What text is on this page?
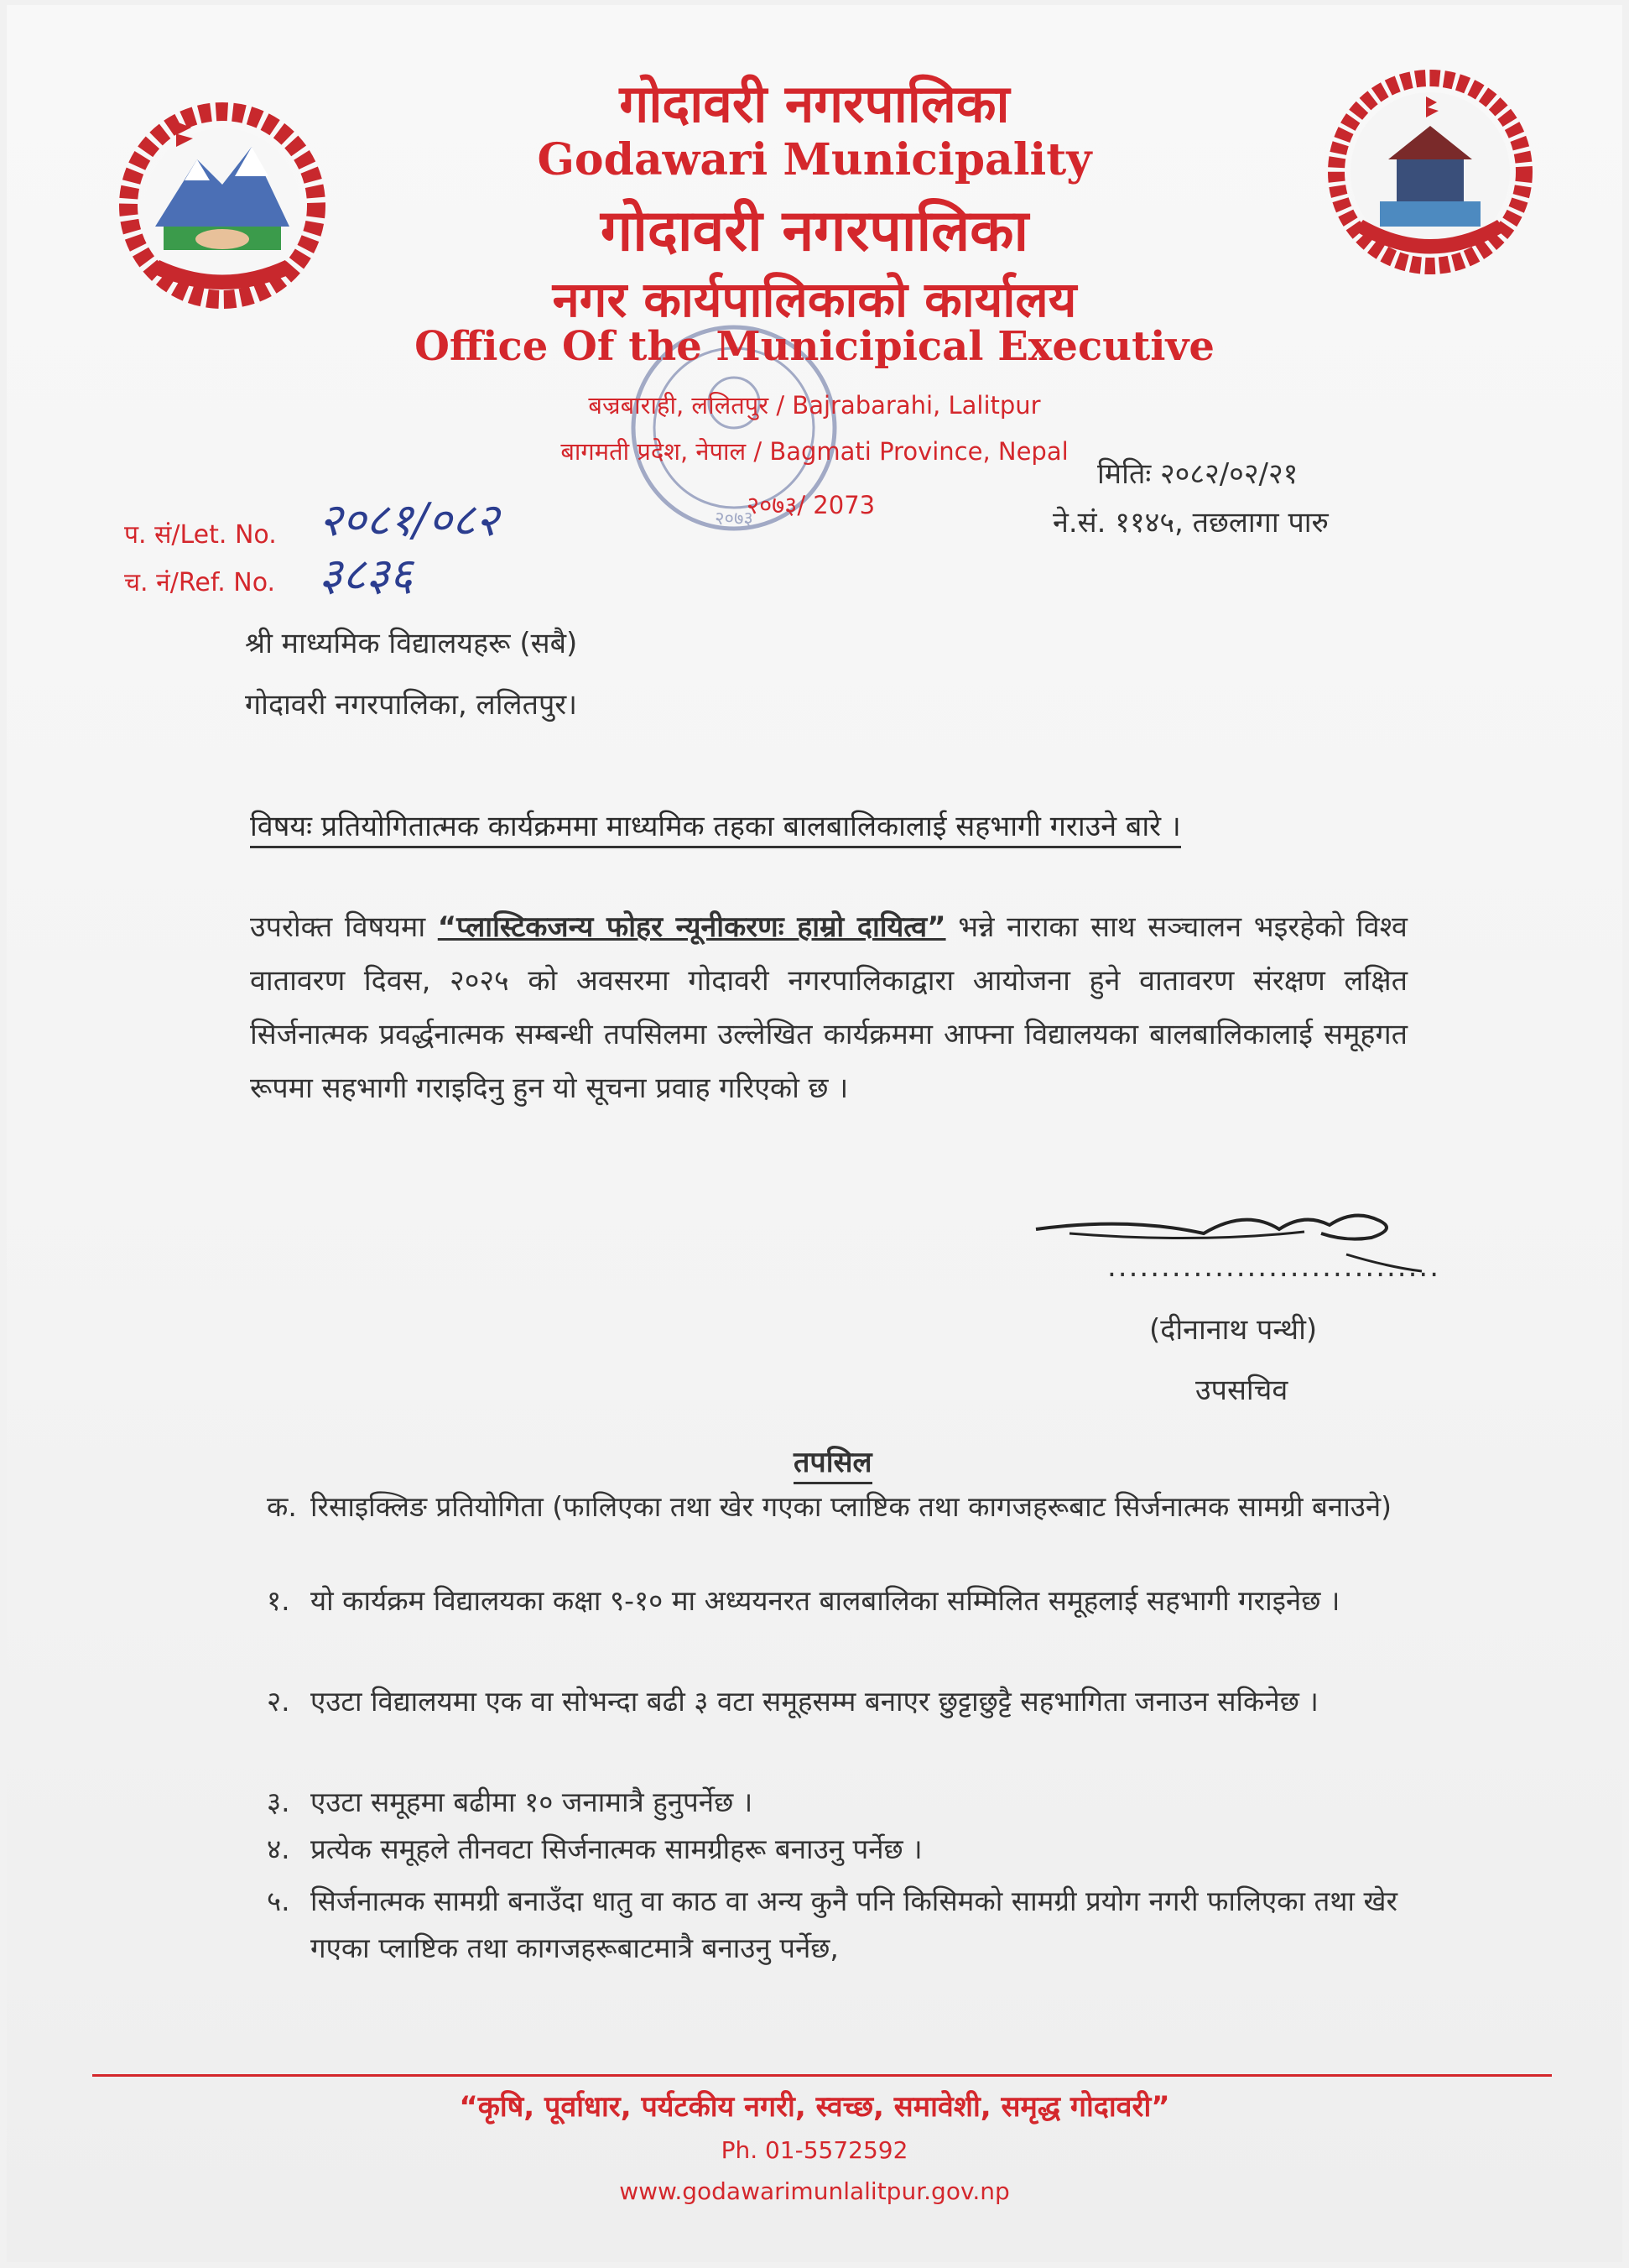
२०७३
गोदावरी नगरपालिका
Godawari Municipality
गोदावरी नगरपालिका
नगर कार्यपालिकाको कार्यालय
Office Of the Municipical Executive
बज्रबाराही, ललितपुर / Bajrabarahi, Lalitpur
बागमती प्रदेश, नेपाल / Bagmati Province, Nepal
२०७३/ 2073
प. सं/Let. No. २०८१/०८२
च. नं/Ref. No. ३८३६
मितिः २०८२/०२/२१
ने.सं. ११४५, तछलागा पारु
श्री माध्यमिक विद्यालयहरू (सबै)
गोदावरी नगरपालिका, ललितपुर।
विषयः प्रतियोगितात्मक कार्यक्रममा माध्यमिक तहका बालबालिकालाई सहभागी गराउने बारे ।
उपरोक्त विषयमा “प्लास्टिकजन्य फोहर न्यूनीकरणः हाम्रो दायित्व” भन्ने नाराका साथ सञ्चालन भइरहेको विश्व वातावरण दिवस, २०२५ को अवसरमा गोदावरी नगरपालिकाद्वारा आयोजना हुने वातावरण संरक्षण लक्षित सिर्जनात्मक प्रवर्द्धनात्मक सम्बन्धी तपसिलमा उल्लेखित कार्यक्रममा आफ्ना विद्यालयका बालबालिकालाई समूहगत रूपमा सहभागी गराइदिनु हुन यो सूचना प्रवाह गरिएको छ ।
...............................
(दीनानाथ पन्थी)
उपसचिव
तपसिल
क. रिसाइक्लिङ प्रतियोगिता (फालिएका तथा खेर गएका प्लाष्टिक तथा कागजहरूबाट सिर्जनात्मक सामग्री बनाउने)
१. यो कार्यक्रम विद्यालयका कक्षा ९-१० मा अध्ययनरत बालबालिका सम्मिलित समूहलाई सहभागी गराइनेछ ।
२. एउटा विद्यालयमा एक वा सोभन्दा बढी ३ वटा समूहसम्म बनाएर छुट्टाछुट्टै सहभागिता जनाउन सकिनेछ ।
३. एउटा समूहमा बढीमा १० जनामात्रै हुनुपर्नेछ ।
४. प्रत्येक समूहले तीनवटा सिर्जनात्मक सामग्रीहरू बनाउनु पर्नेछ ।
५. सिर्जनात्मक सामग्री बनाउँदा धातु वा काठ वा अन्य कुनै पनि किसिमको सामग्री प्रयोग नगरी फालिएका तथा खेर गएका प्लाष्टिक तथा कागजहरूबाटमात्रै बनाउनु पर्नेछ,
“कृषि, पूर्वाधार, पर्यटकीय नगरी, स्वच्छ, समावेशी, समृद्ध गोदावरी”
Ph. 01-5572592
www.godawarimunlalitpur.gov.np
